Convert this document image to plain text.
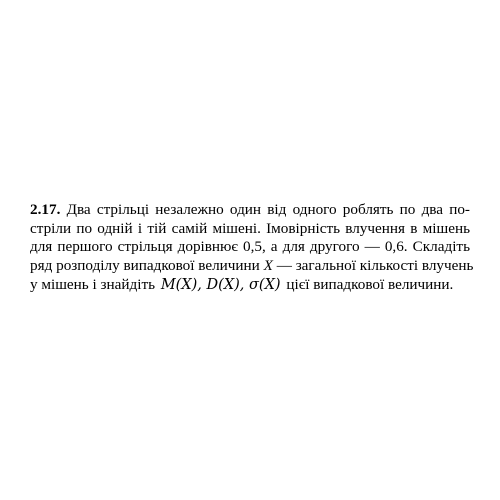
2.17. Два стрільці незалежно один від одного роблять по два по-
стріли по одній і тій самій мішені. Імовірність влучення в мішень
для першого стрільця дорівнює 0,5, а для другого — 0,6. Складіть
ряд розподілу випадкової величини X — загальної кількості влучень
у мішень і знайдіть M(X), D(X), σ(X) цієї випадкової величини.
